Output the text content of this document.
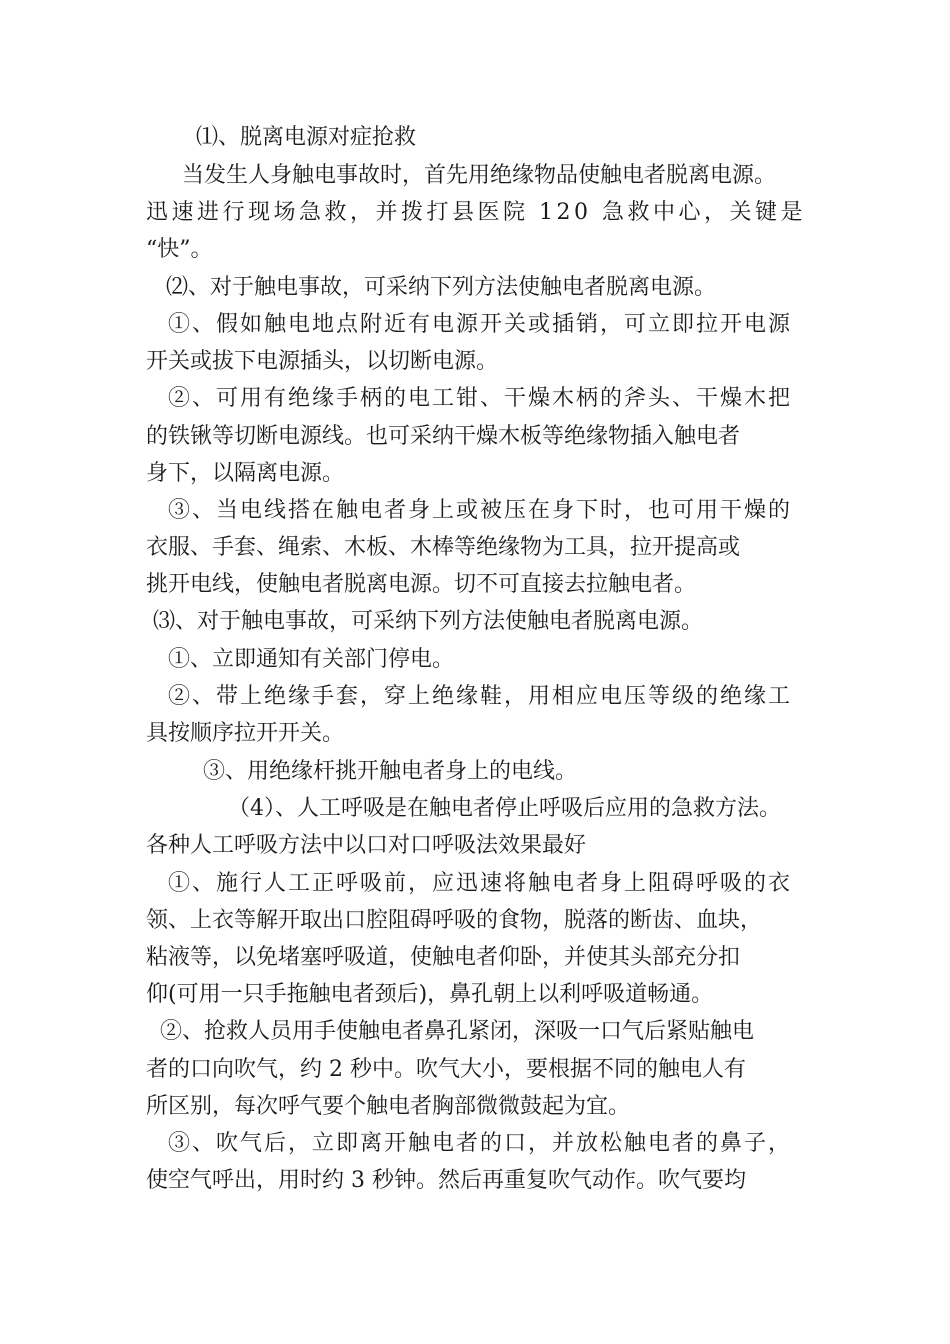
⑴、脱离电源对症抢救
当发生人身触电事故时，首先用绝缘物品使触电者脱离电源。
迅速进行现场急救，并拨打县医院 120 急救中心，关键是
“快”。
⑵、对于触电事故，可采纳下列方法使触电者脱离电源。
①、假如触电地点附近有电源开关或插销，可立即拉开电源
开关或拔下电源插头，以切断电源。
②、可用有绝缘手柄的电工钳、干燥木柄的斧头、干燥木把
的铁锹等切断电源线。也可采纳干燥木板等绝缘物插入触电者
身下，以隔离电源。
③、当电线搭在触电者身上或被压在身下时，也可用干燥的
衣服、手套、绳索、木板、木棒等绝缘物为工具，拉开提高或
挑开电线，使触电者脱离电源。切不可直接去拉触电者。
⑶、对于触电事故，可采纳下列方法使触电者脱离电源。
①、立即通知有关部门停电。
②、带上绝缘手套，穿上绝缘鞋，用相应电压等级的绝缘工
具按顺序拉开开关。
③、用绝缘杆挑开触电者身上的电线。
（4）、人工呼吸是在触电者停止呼吸后应用的急救方法。
各种人工呼吸方法中以口对口呼吸法效果最好
①、施行人工正呼吸前，应迅速将触电者身上阻碍呼吸的衣
领、上衣等解开取出口腔阻碍呼吸的食物，脱落的断齿、血块，
粘液等，以免堵塞呼吸道，使触电者仰卧，并使其头部充分扣
仰(可用一只手拖触电者颈后)，鼻孔朝上以利呼吸道畅通。
②、抢救人员用手使触电者鼻孔紧闭，深吸一口气后紧贴触电
者的口向吹气，约 2 秒中。吹气大小，要根据不同的触电人有
所区别，每次呼气要个触电者胸部微微鼓起为宜。
③、吹气后，立即离开触电者的口，并放松触电者的鼻子，
使空气呼出，用时约 3 秒钟。然后再重复吹气动作。吹气要均
